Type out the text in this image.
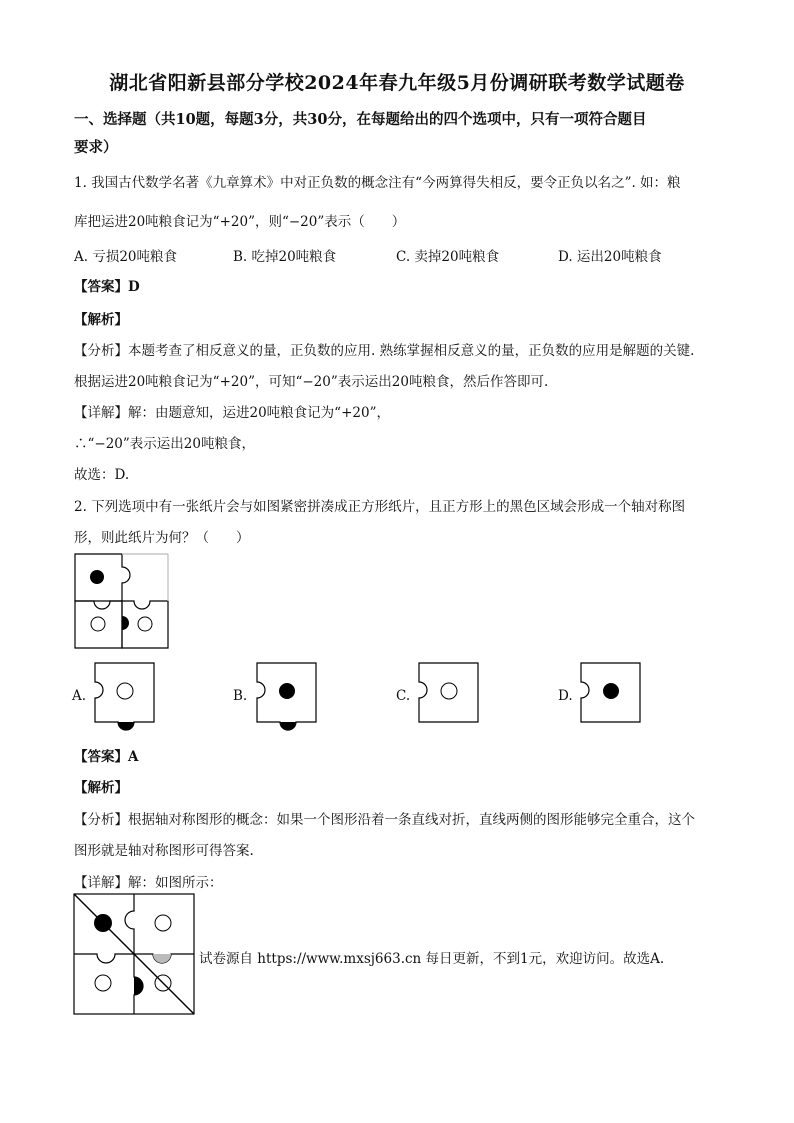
湖北省阳新县部分学校2024年春九年级5月份调研联考数学试题卷
一、选择题（共10题，每题3分，共30分，在每题给出的四个选项中，只有一项符合题目
要求）
1. 我国古代数学名著《九章算术》中对正负数的概念注有“今两算得失相反，要令正负以名之”. 如：粮
库把运进20吨粮食记为“+20”，则“−20”表示（　　）
A. 亏损20吨粮食	B. 吃掉20吨粮食	C. 卖掉20吨粮食	D. 运出20吨粮食
【答案】D
【解析】
【分析】本题考查了相反意义的量，正负数的应用. 熟练掌握相反意义的量，正负数的应用是解题的关键.
根据运进20吨粮食记为“+20”，可知“−20”表示运出20吨粮食，然后作答即可.
【详解】解：由题意知，运进20吨粮食记为“+20”，
∴“−20”表示运出20吨粮食，
故选：D.
2. 下列选项中有一张纸片会与如图紧密拼凑成正方形纸片，且正方形上的黑色区域会形成一个轴对称图
形，则此纸片为何？（　　）
A.	B.	C.	D.
【答案】A
【解析】
【分析】根据轴对称图形的概念：如果一个图形沿着一条直线对折，直线两侧的图形能够完全重合，这个
图形就是轴对称图形可得答案.
【详解】解：如图所示：
试卷源自 https://www.mxsj663.cn 每日更新，不到1元，欢迎访问。故选A.
